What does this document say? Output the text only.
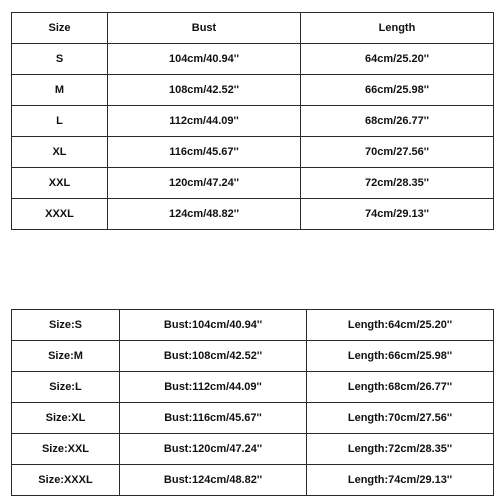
Size	Bust	Length
S	104cm/40.94''	64cm/25.20''
M	108cm/42.52''	66cm/25.98''
L	112cm/44.09''	68cm/26.77''
XL	116cm/45.67''	70cm/27.56''
XXL	120cm/47.24''	72cm/28.35''
XXXL	124cm/48.82''	74cm/29.13''
Size:S	Bust:104cm/40.94''	Length:64cm/25.20''
Size:M	Bust:108cm/42.52''	Length:66cm/25.98''
Size:L	Bust:112cm/44.09''	Length:68cm/26.77''
Size:XL	Bust:116cm/45.67''	Length:70cm/27.56''
Size:XXL	Bust:120cm/47.24''	Length:72cm/28.35''
Size:XXXL	Bust:124cm/48.82''	Length:74cm/29.13''
